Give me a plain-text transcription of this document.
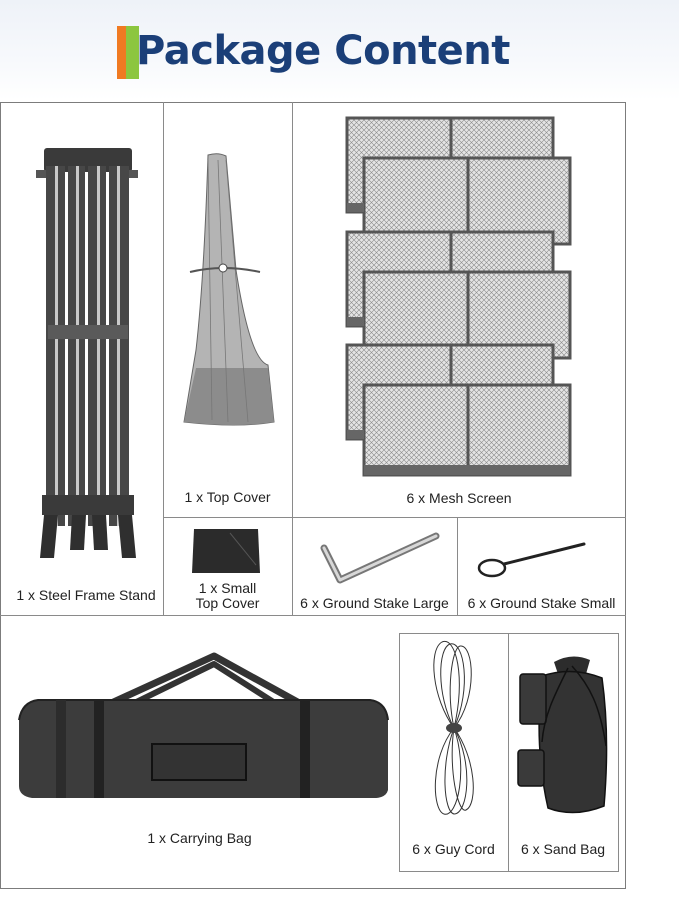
Package Content
1 x Steel Frame Stand
1 x Top Cover	6 x Mesh Screen
1 x Small
Top Cover	6 x Ground Stake Large	6 x Ground Stake Small
1 x Carrying Bag
6 x Guy Cord	6 x Sand Bag
